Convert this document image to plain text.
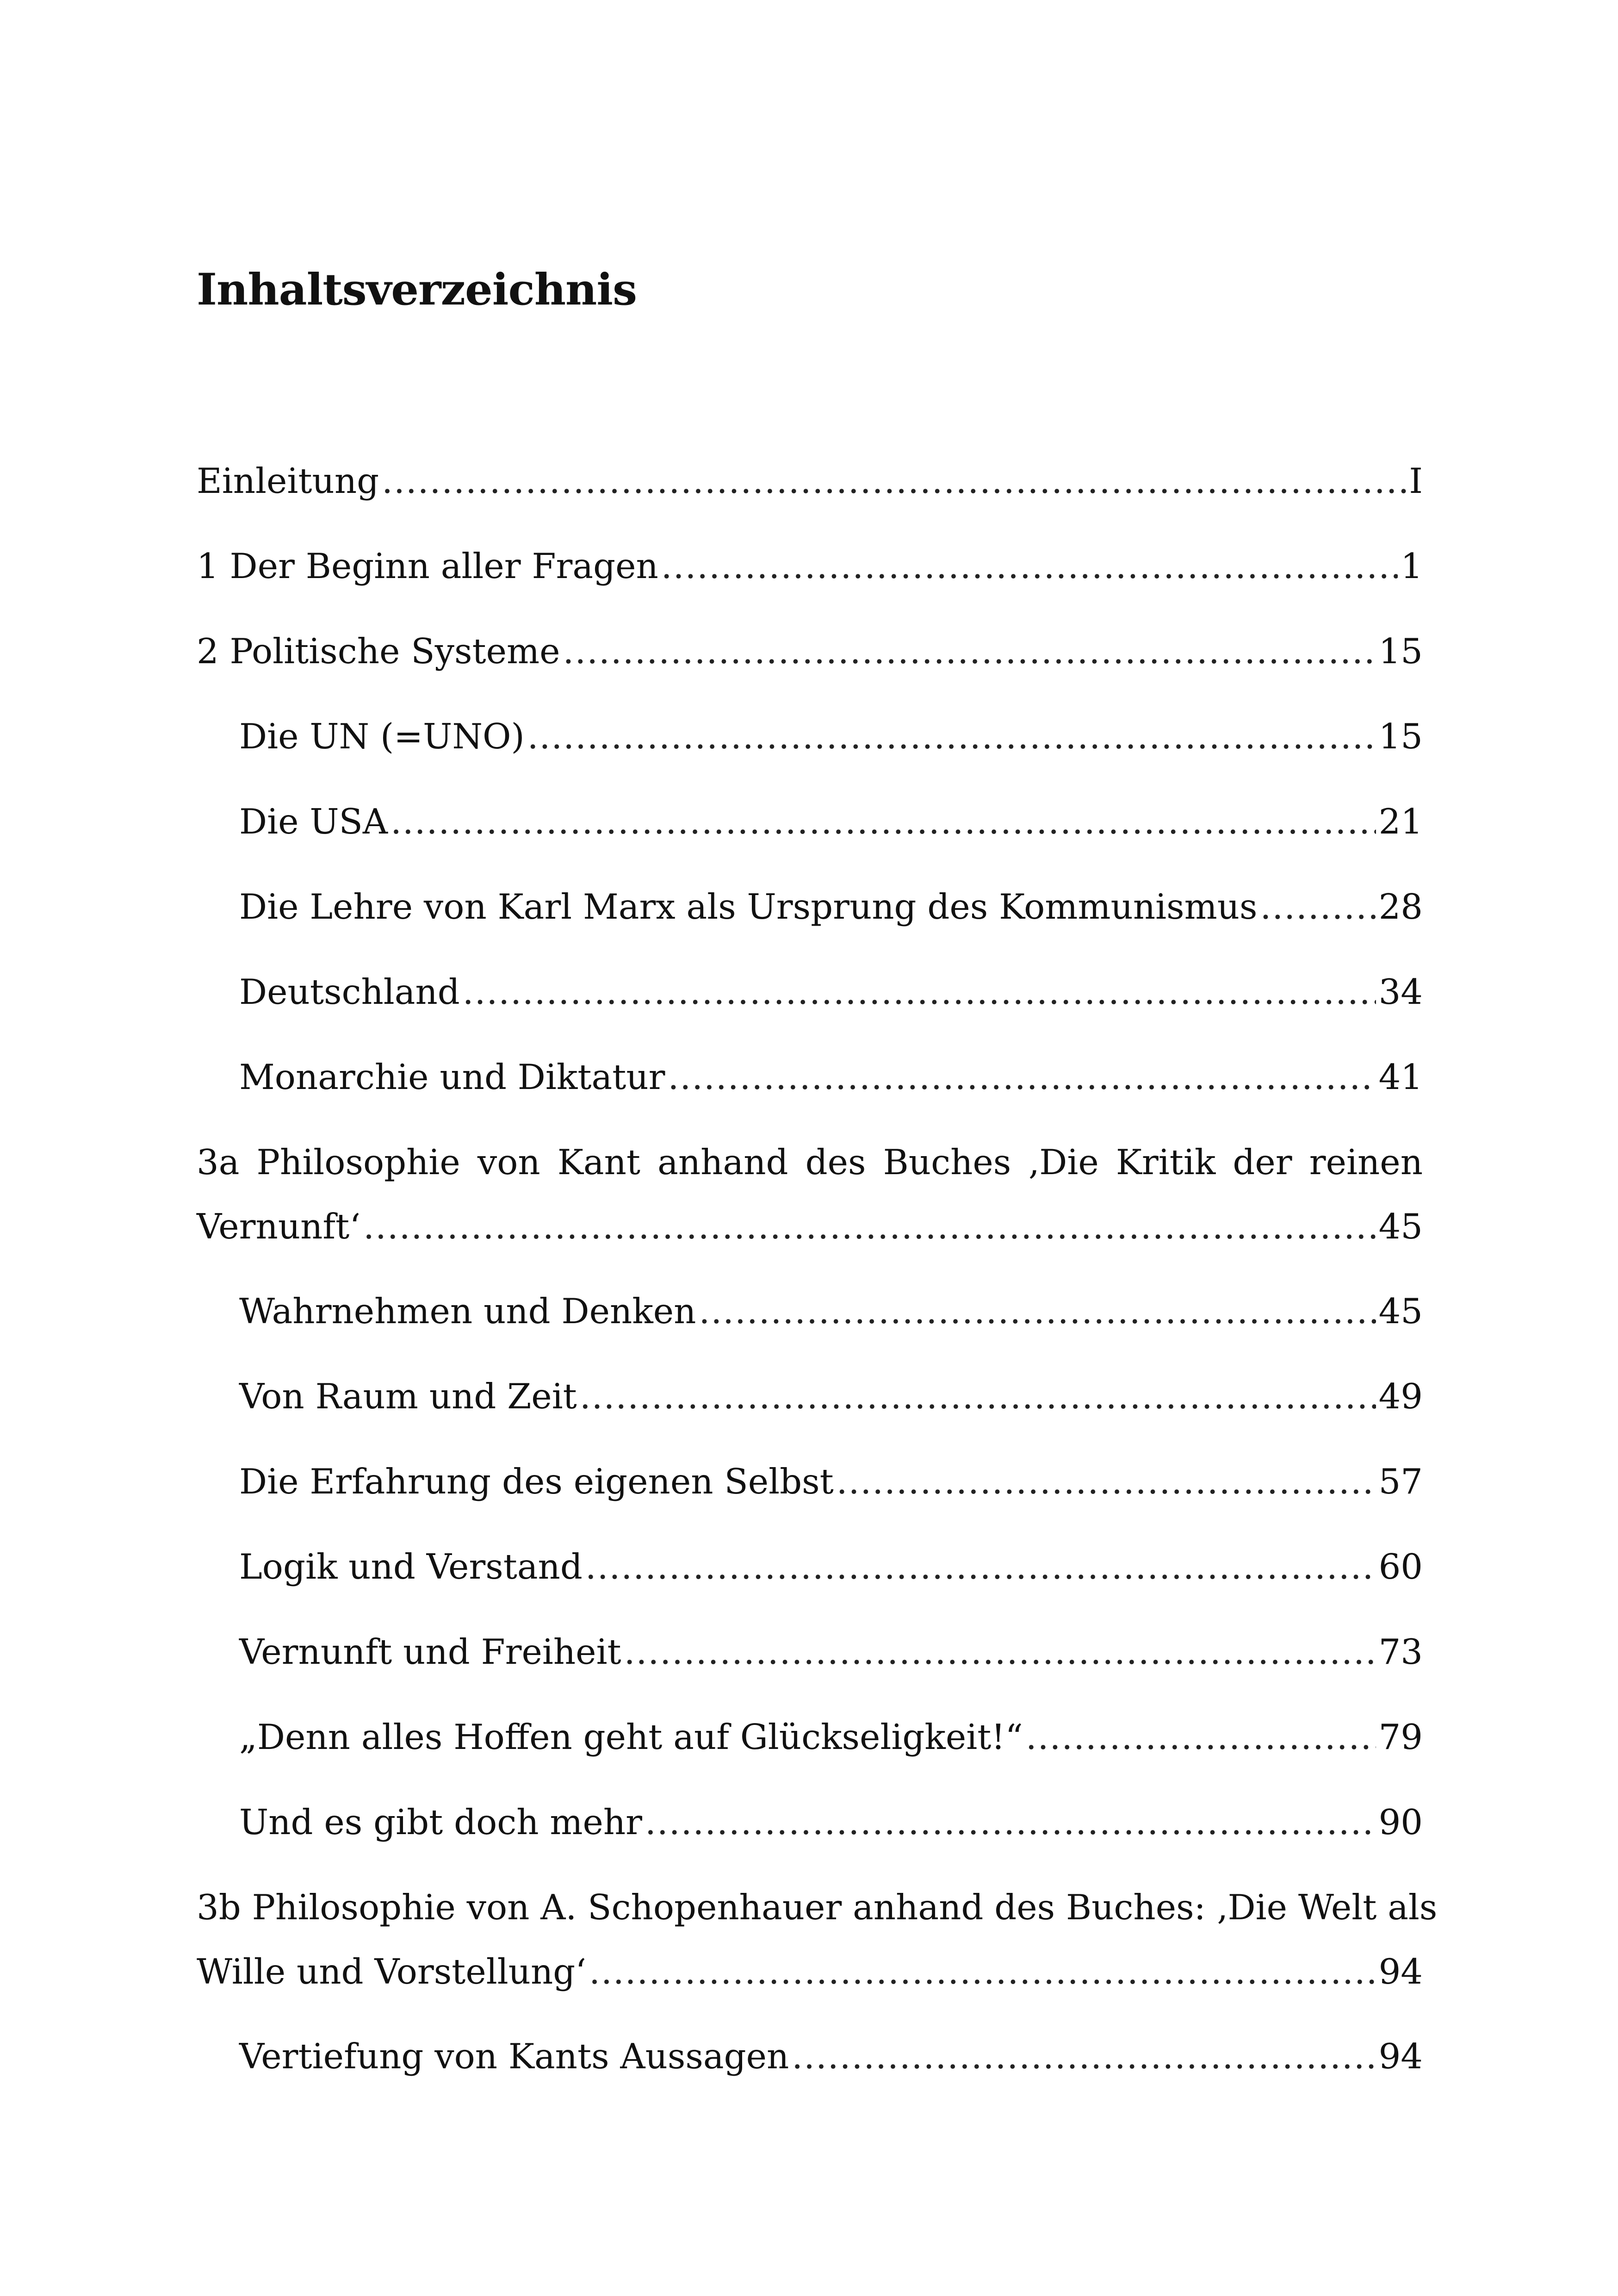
Inhaltsverzeichnis
Einleitung .....	I
1 Der Beginn aller Fragen .....	1
2 Politische Systeme .....	15
Die UN (=UNO) .....	15
Die USA .....	21
Die Lehre von Karl Marx als Ursprung des Kommunismus .....	28
Deutschland .....	34
Monarchie und Diktatur .....	41
3a Philosophie von Kant anhand des Buches ‚Die Kritik der reinen
Vernunft‘ .....	45
Wahrnehmen und Denken .....	45
Von Raum und Zeit .....	49
Die Erfahrung des eigenen Selbst .....	57
Logik und Verstand .....	60
Vernunft und Freiheit .....	73
„Denn alles Hoffen geht auf Glückseligkeit!“ .....	79
Und es gibt doch mehr .....	90
3b Philosophie von A. Schopenhauer anhand des Buches: ‚Die Welt als
Wille und Vorstellung‘ .....	94
Vertiefung von Kants Aussagen .....	94
